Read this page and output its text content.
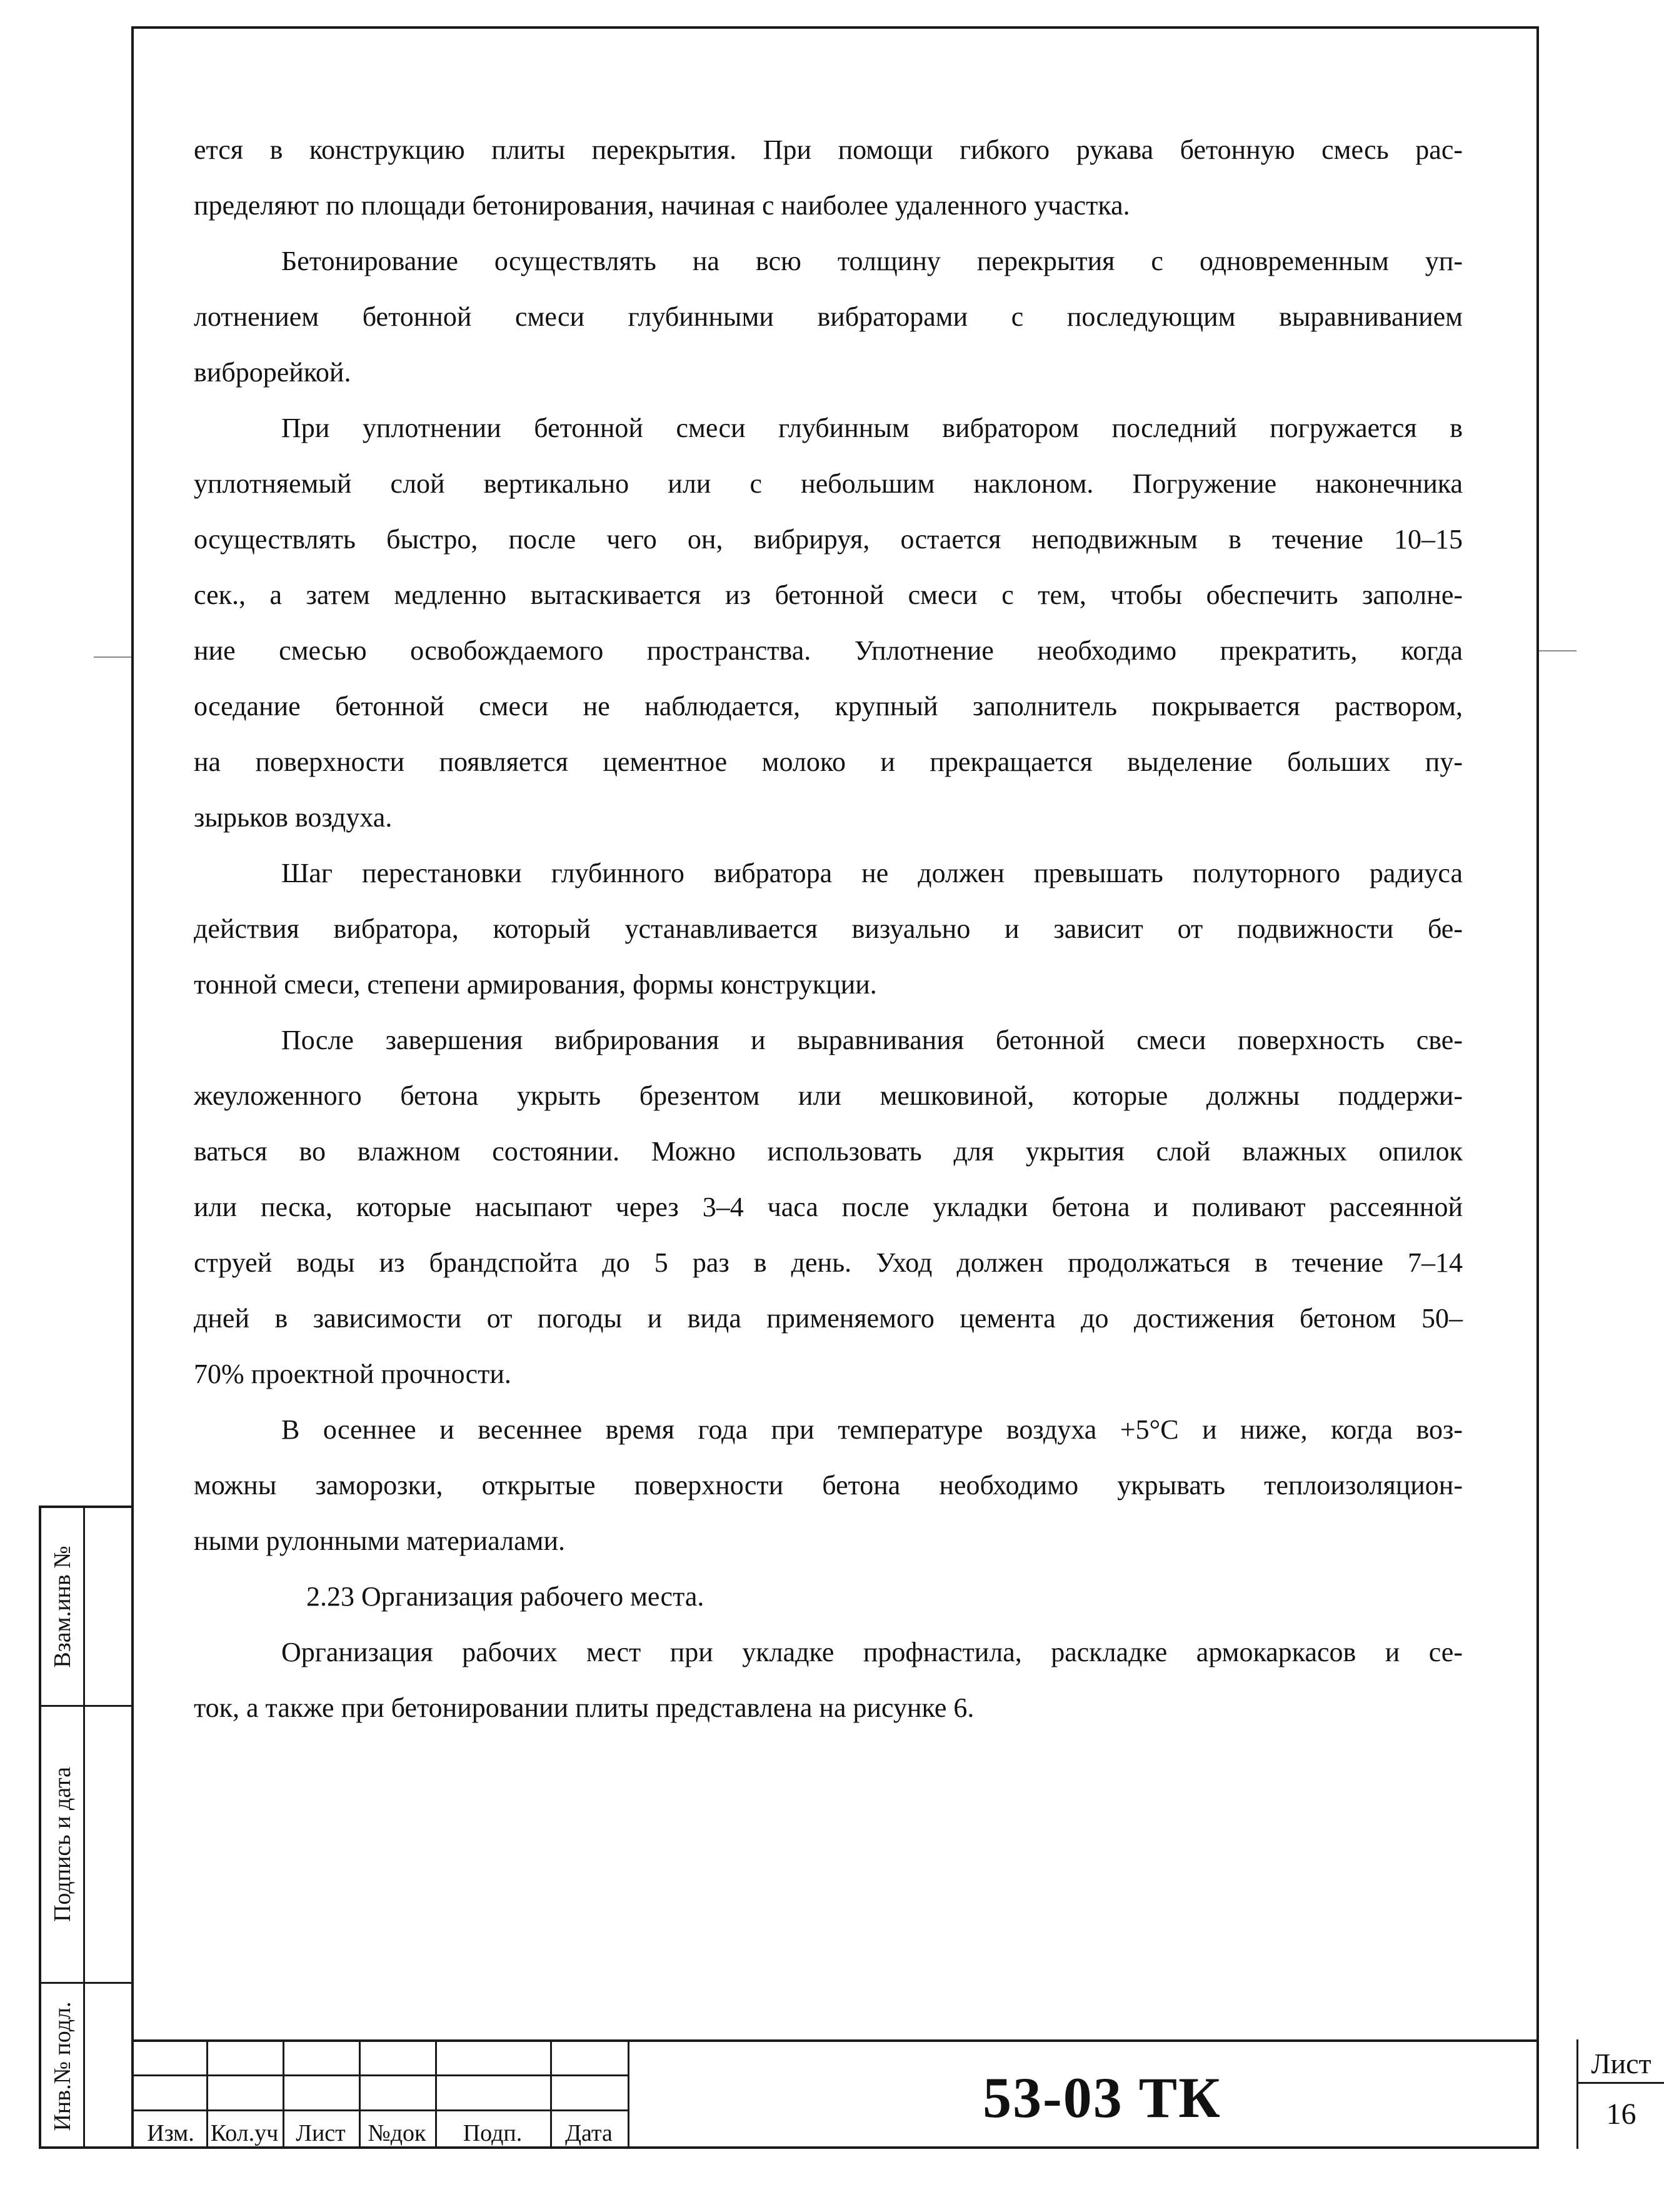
ется в конструкцию плиты перекрытия. При помощи гибкого рукава бетонную смесь рас-
пределяют по площади бетонирования, начиная с наиболее удаленного участка.
Бетонирование осуществлять на всю толщину перекрытия с одновременным уп-
лотнением бетонной смеси глубинными вибраторами с последующим выравниванием
виброрейкой.
При уплотнении бетонной смеси глубинным вибратором последний погружается в
уплотняемый слой вертикально или с небольшим наклоном. Погружение наконечника
осуществлять быстро, после чего он, вибрируя, остается неподвижным в течение 10–15
сек., а затем медленно вытаскивается из бетонной смеси с тем, чтобы обеспечить заполне-
ние смесью освобождаемого пространства. Уплотнение необходимо прекратить, когда
оседание бетонной смеси не наблюдается, крупный заполнитель покрывается раствором,
на поверхности появляется цементное молоко и прекращается выделение больших пу-
зырьков воздуха.
Шаг перестановки глубинного вибратора не должен превышать полуторного радиуса
действия вибратора, который устанавливается визуально и зависит от подвижности бе-
тонной смеси, степени армирования, формы конструкции.
После завершения вибрирования и выравнивания бетонной смеси поверхность све-
жеуложенного бетона укрыть брезентом или мешковиной, которые должны поддержи-
ваться во влажном состоянии. Можно использовать для укрытия слой влажных опилок
или песка, которые насыпают через 3–4 часа после укладки бетона и поливают рассеянной
струей воды из брандспойта до 5 раз в день. Уход должен продолжаться в течение 7–14
дней в зависимости от погоды и вида применяемого цемента до достижения бетоном 50–
70% проектной прочности.
В осеннее и весеннее время года при температуре воздуха +5°С и ниже, когда воз-
можны заморозки, открытые поверхности бетона необходимо укрывать теплоизоляцион-
ными рулонными материалами.
2.23 Организация рабочего места.
Организация рабочих мест при укладке профнастила, раскладке армокаркасов и се-
ток, а также при бетонировании плиты представлена на рисунке 6.
Взам.инв №
Подпись и дата
Инв.№ подл.
Изм. Кол.уч Лист №док	Подп.	Дата
53-03 ТК
Лист
16
